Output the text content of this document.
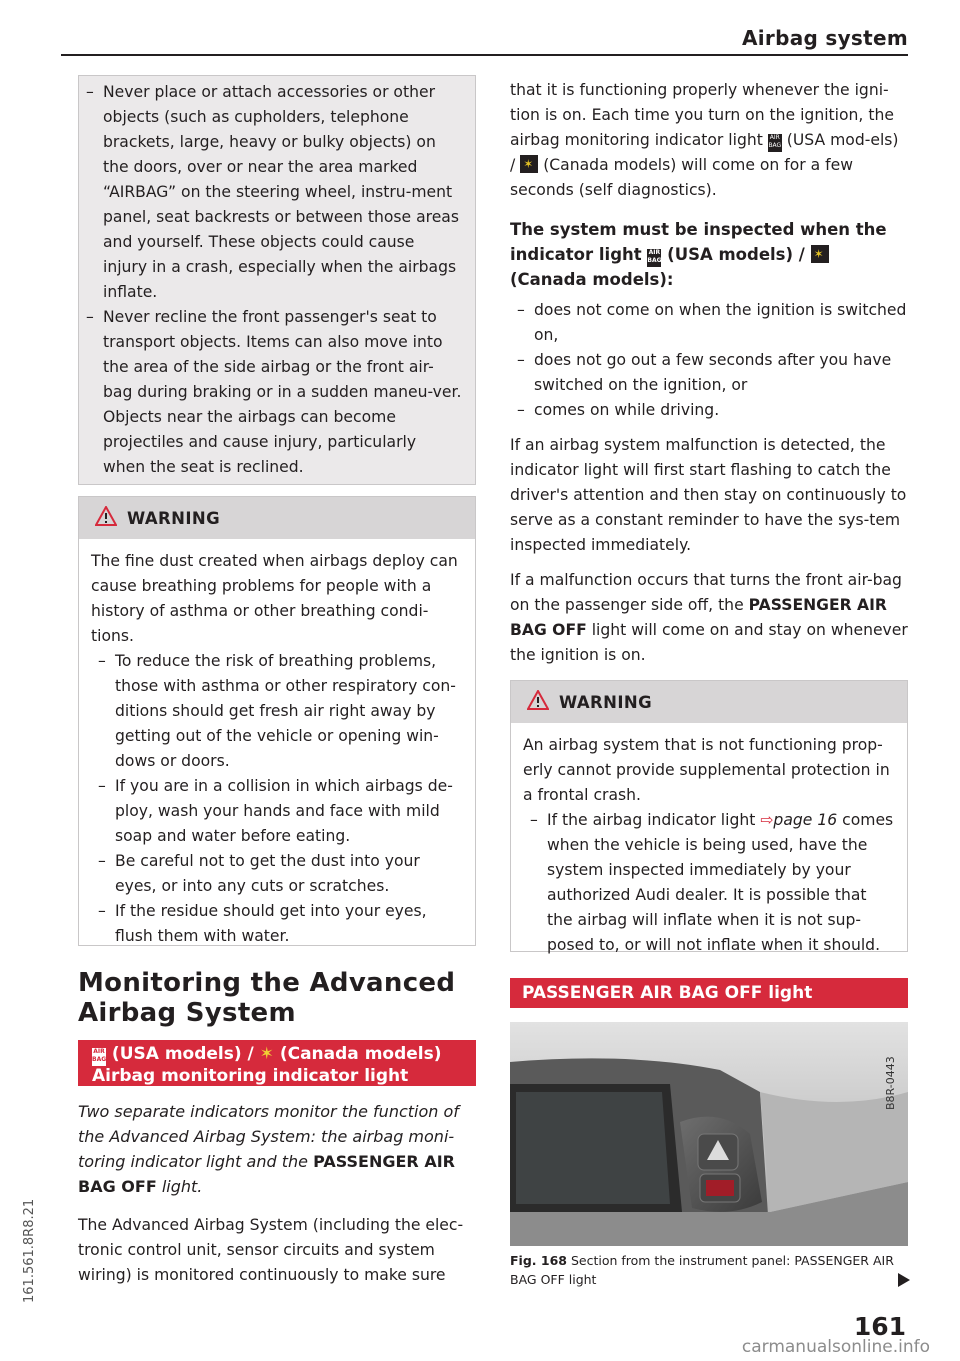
Airbag system
– Never place or attach accessories or other objects (such as cupholders, telephone brackets, large, heavy or bulky objects) on the doors, over or near the area marked “AIRBAG” on the steering wheel, instru-ment panel, seat backrests or between those areas and yourself. These objects could cause injury in a crash, especially when the airbags inflate.
– Never recline the front passenger's seat to transport objects. Items can also move into the area of the side airbag or the front air-bag during braking or in a sudden maneu-ver. Objects near the airbags can become projectiles and cause injury, particularly when the seat is reclined.
WARNING

The fine dust created when airbags deploy can cause breathing problems for people with a history of asthma or other breathing condi-tions.

– To reduce the risk of breathing problems, those with asthma or other respiratory con-ditions should get fresh air right away by getting out of the vehicle or opening win-dows or doors.
– If you are in a collision in which airbags de-ploy, wash your hands and face with mild soap and water before eating.
– Be careful not to get the dust into your eyes, or into any cuts or scratches.
– If the residue should get into your eyes, flush them with water.
Monitoring the Advanced Airbag System
AIR
BAG (USA models) / ✶ (Canada models)
Airbag monitoring indicator light

Two separate indicators monitor the function of the Advanced Airbag System: the airbag moni-toring indicator light and the PASSENGER AIR BAG OFF light.

The Advanced Airbag System (including the elec-tronic control unit, sensor circuits and system wiring) is monitored continuously to make sure

161.561.8R8.21

that it is functioning properly whenever the igni-tion is on. Each time you turn on the ignition, the airbag monitoring indicator light AIR
BAG (USA mod-els) / ✶ (Canada models) will come on for a few seconds (self diagnostics).

The system must be inspected when the indicator light AIR
BAG (USA models) / ✶
(Canada models):

– does not come on when the ignition is switched on,
– does not go out a few seconds after you have switched on the ignition, or
– comes on while driving.

If an airbag system malfunction is detected, the indicator light will first start flashing to catch the driver's attention and then stay on continuously to serve as a constant reminder to have the sys-tem inspected immediately.

If a malfunction occurs that turns the front air-bag on the passenger side off, the PASSENGER AIR BAG OFF light will come on and stay on whenever the ignition is on.

WARNING

An airbag system that is not functioning prop-erly cannot provide supplemental protection in a frontal crash.

– If the airbag indicator light ⇨page 16 comes when the vehicle is being used, have the system inspected immediately by your authorized Audi dealer. It is possible that the airbag will inflate when it is not sup-posed to, or will not inflate when it should.
PASSENGER AIR BAG OFF light
B8R-0443
Fig. 168 Section from the instrument panel: PASSENGER AIR BAG OFF light
161
carmanualsonline.info
